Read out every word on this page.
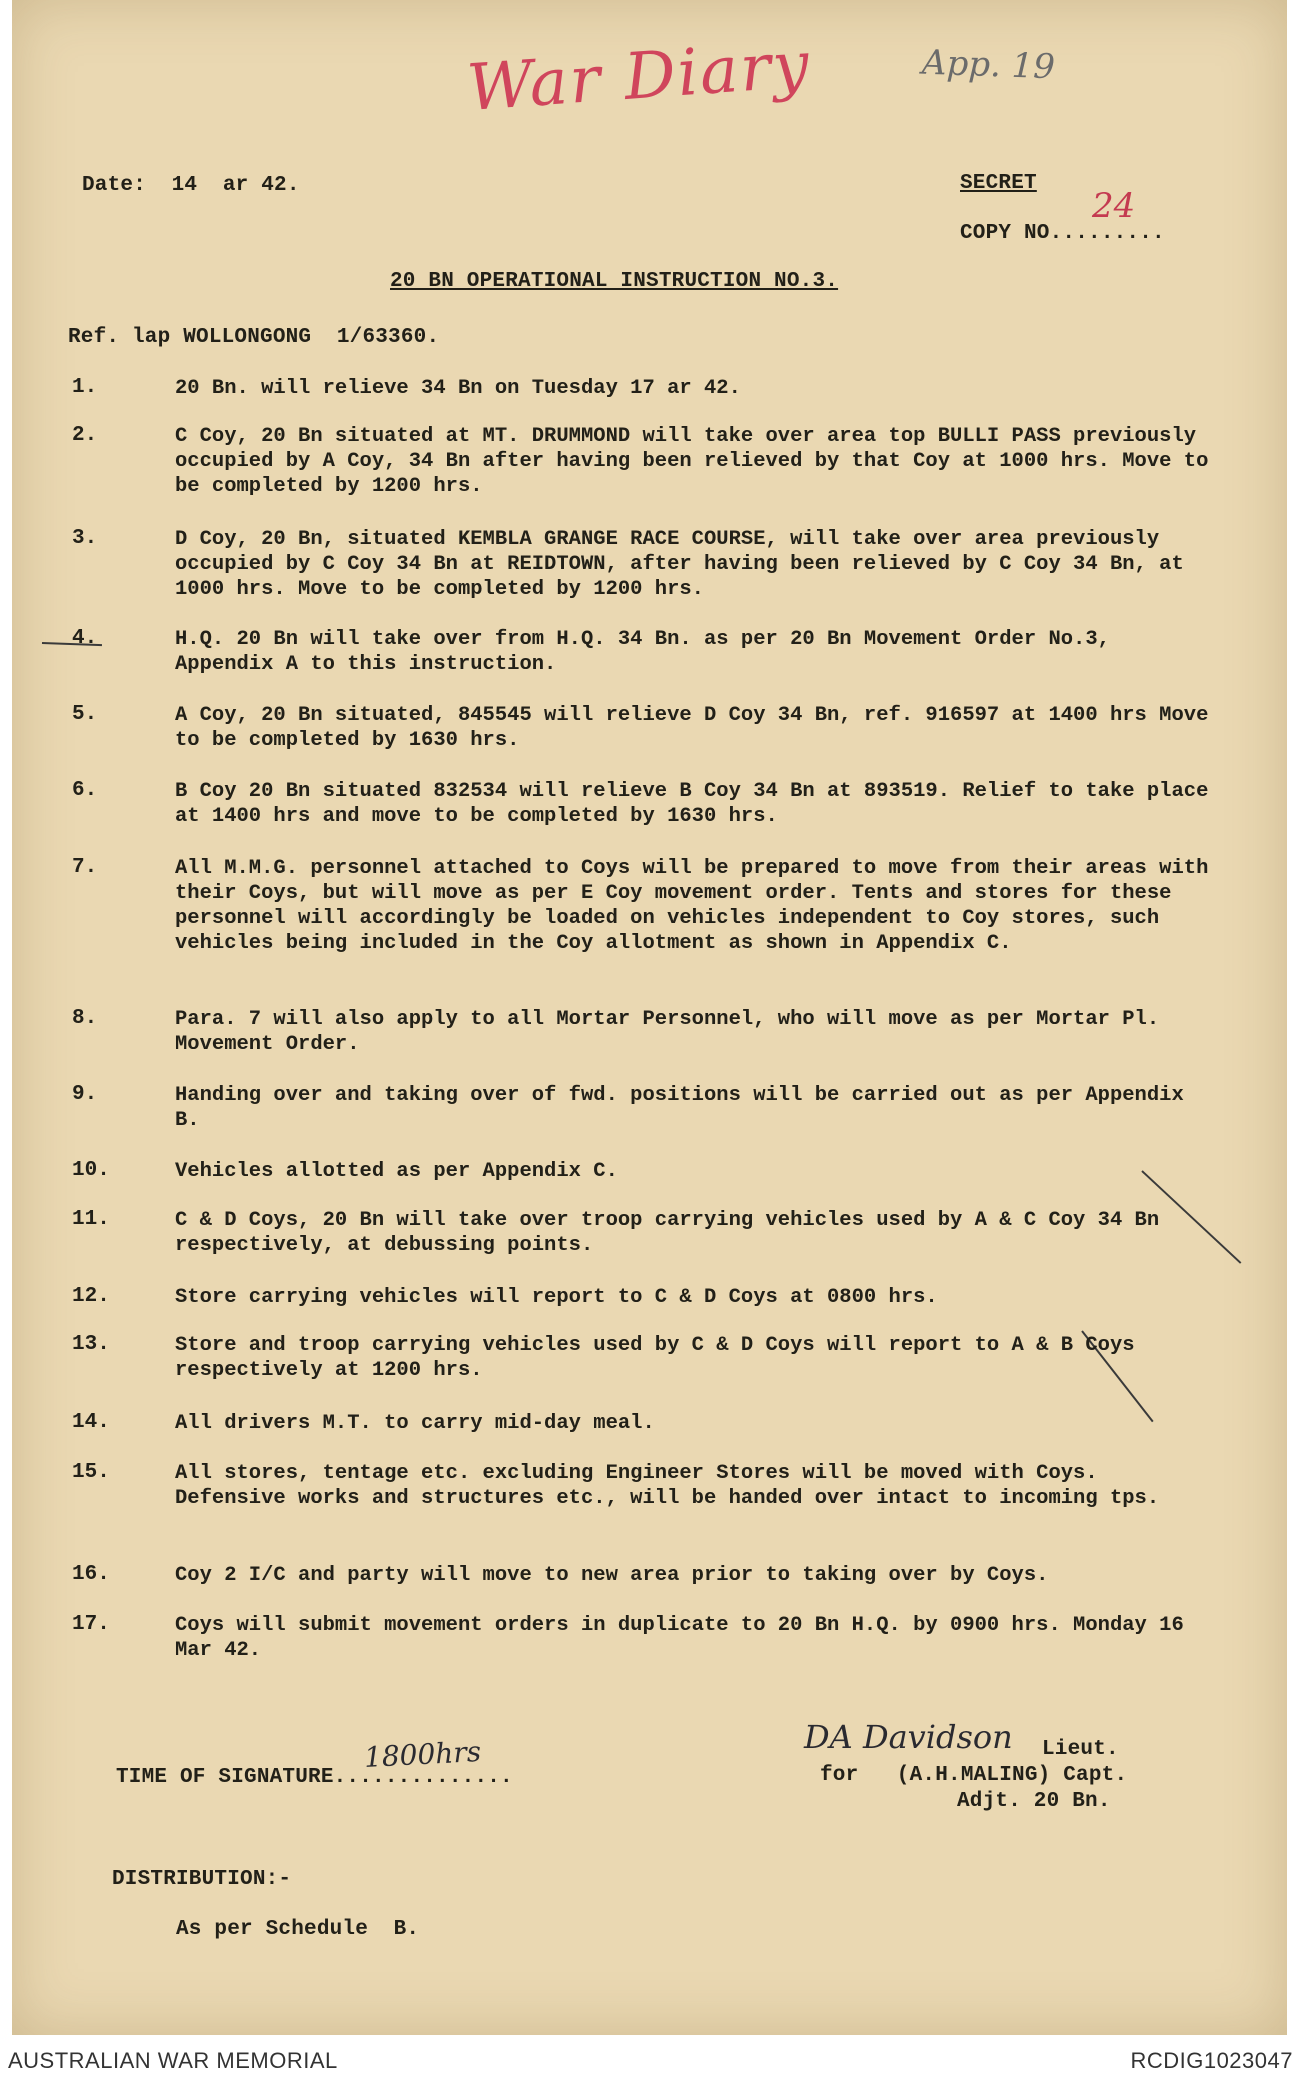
War Diary	App. 19
Date:  14  ar 42.	SECRET
COPY NO.........
24
20 BN OPERATIONAL INSTRUCTION NO.3.
Ref. lap WOLLONGONG  1/63360.
1.	20 Bn. will relieve 34 Bn on Tuesday 17 ar 42.
2.	C Coy, 20 Bn situated at MT. DRUMMOND will take over area top BULLI PASS previously occupied by A Coy, 34 Bn after having been relieved by that Coy at 1000 hrs. Move to be completed by 1200 hrs.
3.	D Coy, 20 Bn, situated KEMBLA GRANGE RACE COURSE, will take over area previously occupied by C Coy 34 Bn at REIDTOWN, after having been relieved by C Coy 34 Bn, at 1000 hrs. Move to be completed by 1200 hrs.
4.	H.Q. 20 Bn will take over from H.Q. 34 Bn. as per 20 Bn Movement Order No.3, Appendix A to this instruction.
5.	A Coy, 20 Bn situated, 845545 will relieve D Coy 34 Bn, ref. 916597 at 1400 hrs Move to be completed by 1630 hrs.
6.	B Coy 20 Bn situated 832534 will relieve B Coy 34 Bn at 893519. Relief to take place at 1400 hrs and move to be completed by 1630 hrs.
7.	All M.M.G. personnel attached to Coys will be prepared to move from their areas with their Coys, but will move as per E Coy movement order. Tents and stores for these personnel will accordingly be loaded on vehicles independent to Coy stores, such vehicles being included in the Coy allotment as shown in Appendix C.
8.	Para. 7 will also apply to all Mortar Personnel, who will move as per Mortar Pl. Movement Order.
9.	Handing over and taking over of fwd. positions will be carried out as per Appendix B.
10.	Vehicles allotted as per Appendix C.
11.	C & D Coys, 20 Bn will take over troop carrying vehicles used by A & C Coy 34 Bn respectively, at debussing points.
12.	Store carrying vehicles will report to C & D Coys at 0800 hrs.
13.	Store and troop carrying vehicles used by C & D Coys will report to A & B Coys respectively at 1200 hrs.
14.	All drivers M.T. to carry mid-day meal.
15.	All stores, tentage etc. excluding Engineer Stores will be moved with Coys. Defensive works and structures etc., will be handed over intact to incoming tps.
16.	Coy 2 I/C and party will move to new area prior to taking over by Coys.
17.	Coys will submit movement orders in duplicate to 20 Bn H.Q. by 0900 hrs. Monday 16 Mar 42.
DA Davidson Lieut.
for   (A.H.MALING) Capt.
Adjt. 20 Bn.
TIME OF SIGNATURE..............
1800hrs
DISTRIBUTION:-
As per Schedule  B.
AUSTRALIAN WAR MEMORIAL	RCDIG1023047
